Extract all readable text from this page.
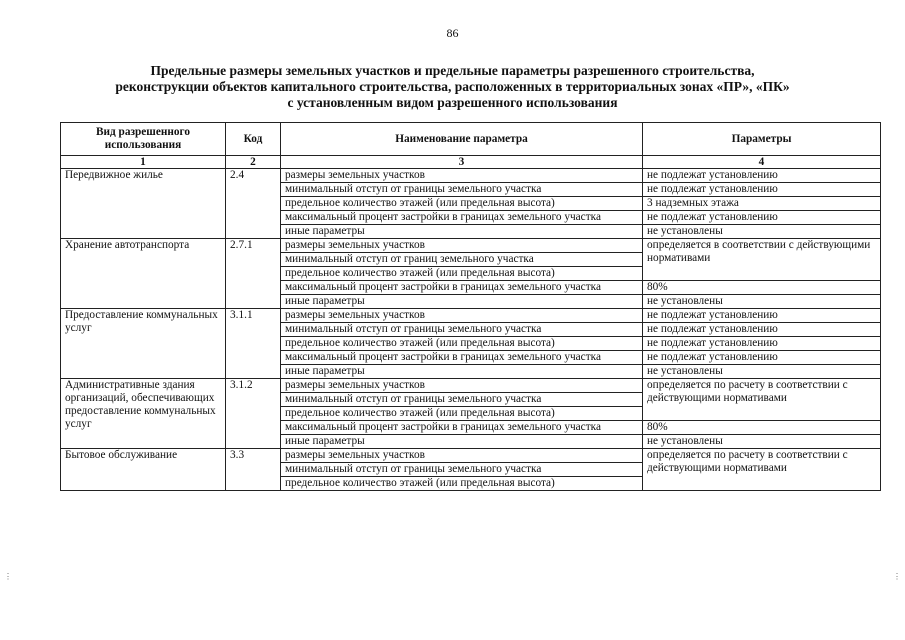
86
Предельные размеры земельных участков и предельные параметры разрешенного строительства,
реконструкции объектов капитального строительства, расположенных в территориальных зонах «ПР», «ПК»
с установленным видом разрешенного использования
Вид разрешенного использования	Код	Наименование параметра	Параметры
1	2	3	4
Передвижное жилье	2.4	размеры земельных участков	не подлежат установлению
		минимальный отступ от границы земельного участка	не подлежат установлению
		предельное количество этажей (или предельная высота)	3 надземных этажа
		максимальный процент застройки в границах земельного участка	не подлежат установлению
		иные параметры	не установлены
Хранение автотранспорта	2.7.1	размеры земельных участков	определяется в соответствии с действующими нормативами
		минимальный отступ от границ земельного участка	
		предельное количество этажей (или предельная высота)	
		максимальный процент застройки в границах земельного участка	80%
		иные параметры	не установлены
Предоставление коммунальных услуг	3.1.1	размеры земельных участков	не подлежат установлению
		минимальный отступ от границы земельного участка	не подлежат установлению
		предельное количество этажей (или предельная высота)	не подлежат установлению
		максимальный процент застройки в границах земельного участка	не подлежат установлению
		иные параметры	не установлены
Административные здания организаций, обеспечивающих предоставление коммунальных услуг	3.1.2	размеры земельных участков	определяется по расчету в соответствии с действующими нормативами
		минимальный отступ от границы земельного участка	
		предельное количество этажей (или предельная высота)	
		максимальный процент застройки в границах земельного участка	80%
		иные параметры	не установлены
Бытовое обслуживание	3.3	размеры земельных участков	определяется по расчету в соответствии с действующими нормативами
		минимальный отступ от границы земельного участка	
		предельное количество этажей (или предельная высота)	
⋮	⋮
